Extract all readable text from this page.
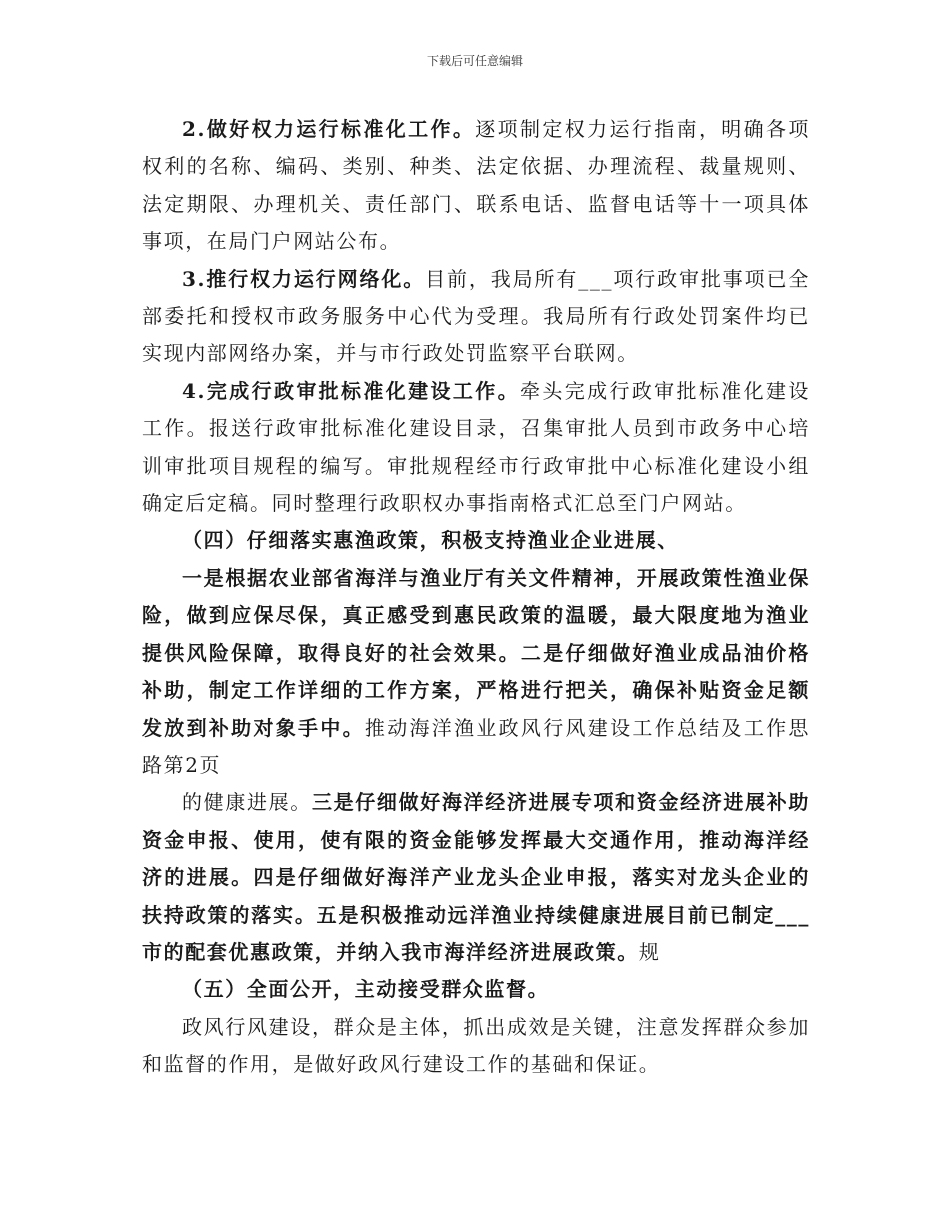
下载后可任意编辑

2.做好权力运行标准化工作。逐项制定权力运行指南，明确各项权利的名称、编码、类别、种类、法定依据、办理流程、裁量规则、法定期限、办理机关、责任部门、联系电话、监督电话等十一项具体事项，在局门户网站公布。

3.推行权力运行网络化。目前，我局所有___项行政审批事项已全部委托和授权市政务服务中心代为受理。我局所有行政处罚案件均已实现内部网络办案，并与市行政处罚监察平台联网。

4.完成行政审批标准化建设工作。牵头完成行政审批标准化建设工作。报送行政审批标准化建设目录，召集审批人员到市政务中心培训审批项目规程的编写。审批规程经市行政审批中心标准化建设小组确定后定稿。同时整理行政职权办事指南格式汇总至门户网站。

（四）仔细落实惠渔政策，积极支持渔业企业进展、

一是根据农业部省海洋与渔业厅有关文件精神，开展政策性渔业保险，做到应保尽保，真正感受到惠民政策的温暖，最大限度地为渔业提供风险保障，取得良好的社会效果。二是仔细做好渔业成品油价格补助，制定工作详细的工作方案，严格进行把关，确保补贴资金足额发放到补助对象手中。推动海洋渔业政风行风建设工作总结及工作思路第2页

的健康进展。三是仔细做好海洋经济进展专项和资金经济进展补助资金申报、使用，使有限的资金能够发挥最大交通作用，推动海洋经济的进展。四是仔细做好海洋产业龙头企业申报，落实对龙头企业的扶持政策的落实。五是积极推动远洋渔业持续健康进展目前已制定___市的配套优惠政策，并纳入我市海洋经济进展政策。规

（五）全面公开，主动接受群众监督。

政风行风建设，群众是主体，抓出成效是关键，注意发挥群众参加和监督的作用，是做好政风行建设工作的基础和保证。
